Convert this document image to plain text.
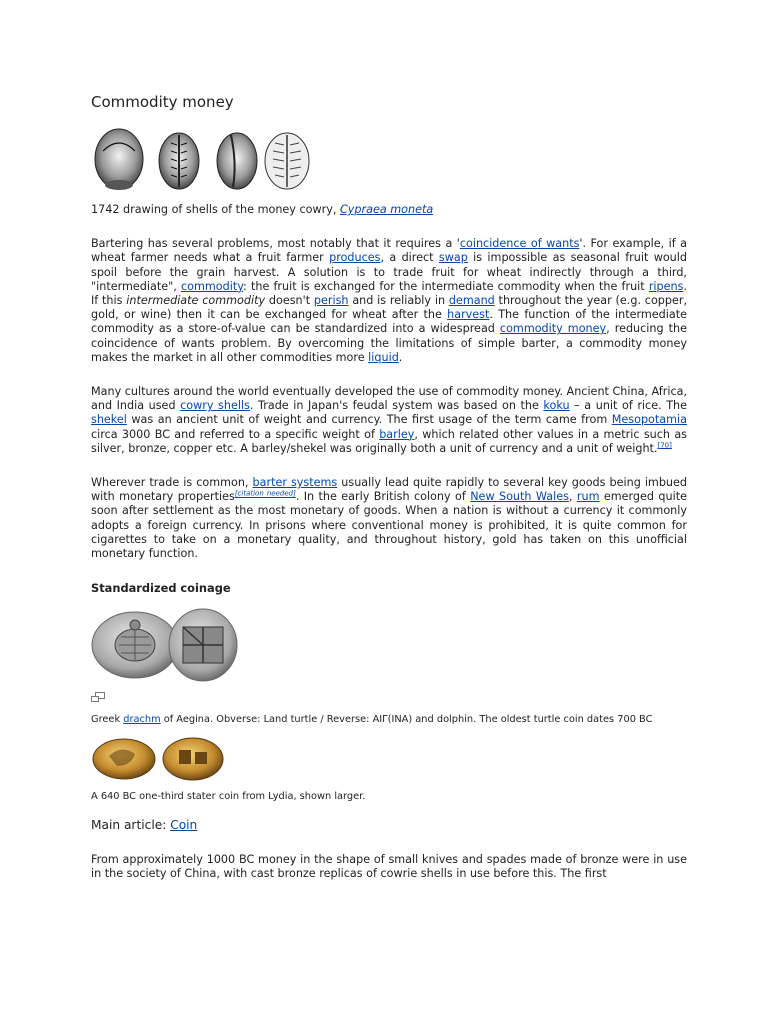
Commodity money

1742 drawing of shells of the money cowry, Cypraea moneta

Bartering has several problems, most notably that it requires a 'coincidence of wants'. For example, if a wheat farmer needs what a fruit farmer produces, a direct swap is impossible as seasonal fruit would spoil before the grain harvest. A solution is to trade fruit for wheat indirectly through a third, "intermediate", commodity: the fruit is exchanged for the intermediate commodity when the fruit ripens. If this intermediate commodity doesn't perish and is reliably in demand throughout the year (e.g. copper, gold, or wine) then it can be exchanged for wheat after the harvest. The function of the intermediate commodity as a store-of-value can be standardized into a widespread commodity money, reducing the coincidence of wants problem. By overcoming the limitations of simple barter, a commodity money makes the market in all other commodities more liquid.

Many cultures around the world eventually developed the use of commodity money. Ancient China, Africa, and India used cowry shells. Trade in Japan's feudal system was based on the koku – a unit of rice. The shekel was an ancient unit of weight and currency. The first usage of the term came from Mesopotamia circa 3000 BC and referred to a specific weight of barley, which related other values in a metric such as silver, bronze, copper etc. A barley/shekel was originally both a unit of currency and a unit of weight.[70]

Wherever trade is common, barter systems usually lead quite rapidly to several key goods being imbued with monetary properties[citation needed]. In the early British colony of New South Wales, rum emerged quite soon after settlement as the most monetary of goods. When a nation is without a currency it commonly adopts a foreign currency. In prisons where conventional money is prohibited, it is quite common for cigarettes to take on a monetary quality, and throughout history, gold has taken on this unofficial monetary function.

Standardized coinage

Greek drachm of Aegina. Obverse: Land turtle / Reverse: ΑΙΓ(ΙΝΑ) and dolphin. The oldest turtle coin dates 700 BC

A 640 BC one-third stater coin from Lydia, shown larger.

Main article: Coin

From approximately 1000 BC money in the shape of small knives and spades made of bronze were in use in the society of China, with cast bronze replicas of cowrie shells in use before this. The first
